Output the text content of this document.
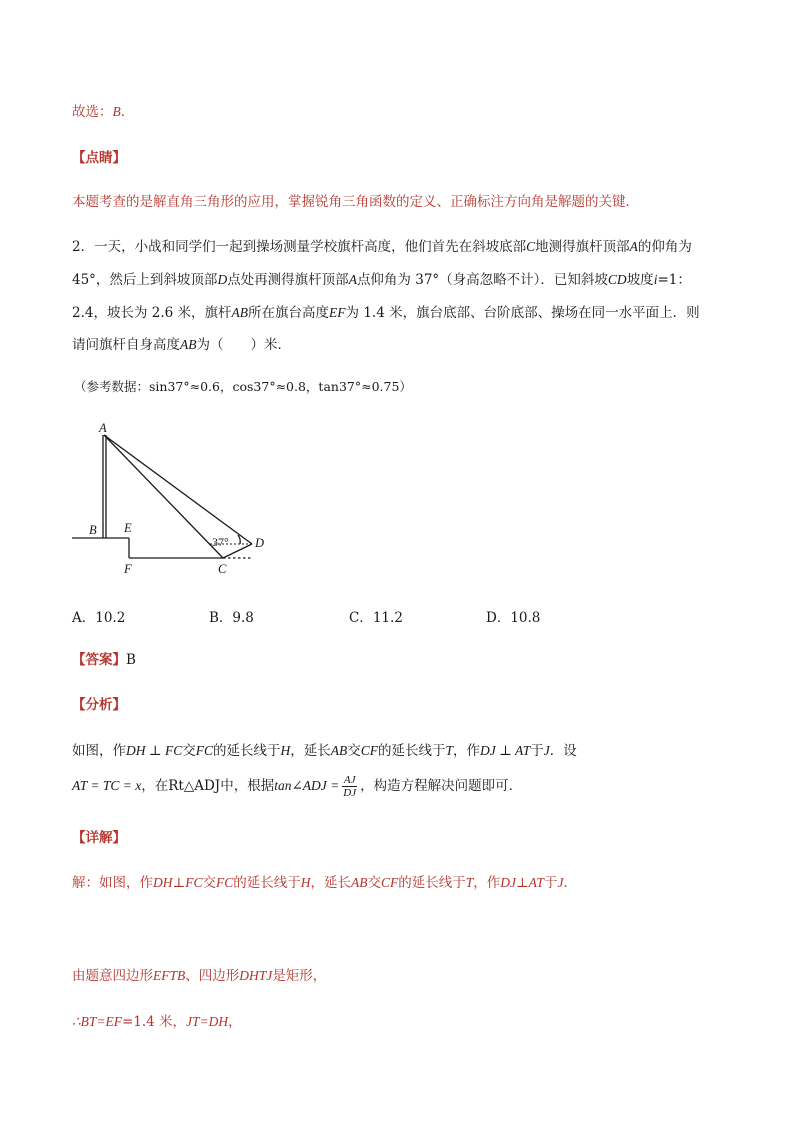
故选：B．
【点睛】
本题考查的是解直角三角形的应用，掌握锐角三角函数的定义、正确标注方向角是解题的关键．
2．一天，小战和同学们一起到操场测量学校旗杆高度，他们首先在斜坡底部C地测得旗杆顶部A的仰角为
45°，然后上到斜坡顶部D点处再测得旗杆顶部A点仰角为 37°（身高忽略不计）．已知斜坡CD坡度i=1：
2.4，坡长为 2.6 米，旗杆AB所在旗台高度EF为 1.4 米，旗台底部、台阶底部、操场在同一水平面上．则
请问旗杆自身高度AB为（　　）米．
（参考数据：sin37°≈0.6，cos37°≈0.8，tan37°≈0.75）
A
B E
F	C
D
37°
A．10.2	B．9.8	C．11.2	D．10.8
【答案】B
【分析】
如图，作DH ⊥ FC交FC的延长线于H，延长AB交CF的延长线于T，作DJ ⊥ AT于J．设
AT = TC = x，在Rt△ADJ中，根据tan∠ADJ = $\frac{AJ}{DJ}$ ，构造方程解决问题即可．
【详解】
解：如图，作DH⊥FC交FC的延长线于H，延长AB交CF的延长线于T，作DJ⊥AT于J．
由题意四边形EFTB、四边形DHTJ是矩形，
∴BT=EF=1.4 米，JT=DH，
